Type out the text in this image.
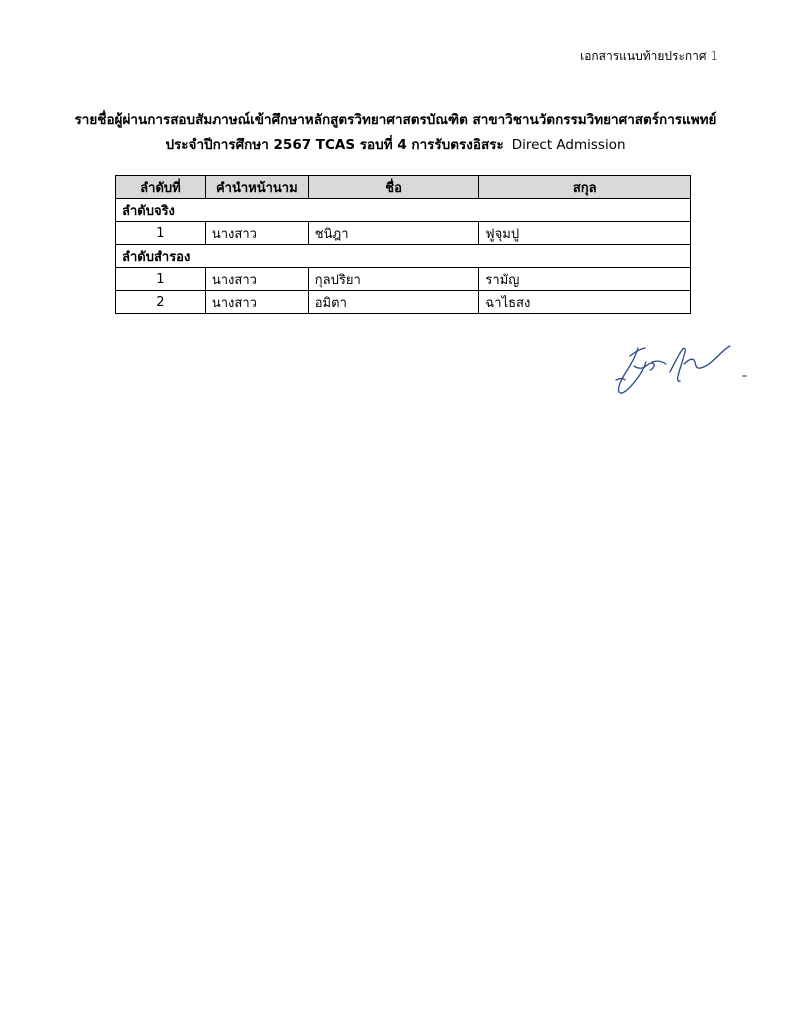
เอกสารแนบท้ายประกาศ 1
รายชื่อผู้ผ่านการสอบสัมภาษณ์เข้าศึกษาหลักสูตรวิทยาศาสตรบัณฑิต สาขาวิชานวัตกรรมวิทยาศาสตร์การแพทย์
ประจำปีการศึกษา 2567 TCAS รอบที่ 4 การรับตรงอิสระ Direct Admission
ลำดับที่	คำนำหน้านาม	ชื่อ	สกุล
ลำดับจริง			
1	นางสาว	ชนิฎา	ฟูจุมปู
ลำดับสำรอง			
1	นางสาว	กุลปริยา	รามัญ
2	นางสาว	อมิตา	ฉาไธสง
